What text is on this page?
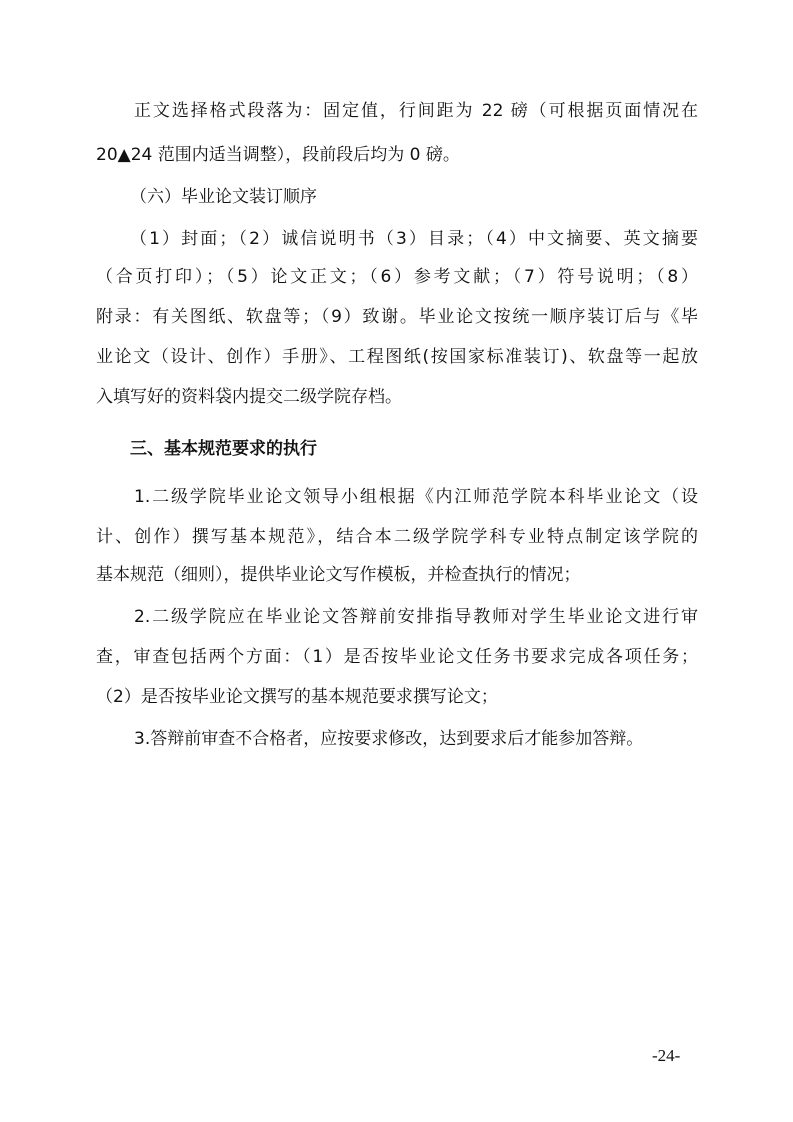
正文选择格式段落为：固定值，行间距为 22 磅（可根据页面情况在
20▲24 范围内适当调整），段前段后均为 0 磅。
（六）毕业论文装订顺序
（1）封面；（2）诚信说明书（3）目录；（4）中文摘要、英文摘要
（合页打印）；（5）论文正文；（6）参考文献；（7）符号说明；（8）
附录：有关图纸、软盘等；（9）致谢。毕业论文按统一顺序装订后与《毕
业论文（设计、创作）手册》、工程图纸(按国家标准装订)、软盘等一起放
入填写好的资料袋内提交二级学院存档。
三、基本规范要求的执行
1.二级学院毕业论文领导小组根据《内江师范学院本科毕业论文（设
计、创作）撰写基本规范》，结合本二级学院学科专业特点制定该学院的
基本规范（细则），提供毕业论文写作模板，并检查执行的情况；
2.二级学院应在毕业论文答辩前安排指导教师对学生毕业论文进行审
查，审查包括两个方面：（1）是否按毕业论文任务书要求完成各项任务；
（2）是否按毕业论文撰写的基本规范要求撰写论文；
3.答辩前审查不合格者，应按要求修改，达到要求后才能参加答辩。
-24-
